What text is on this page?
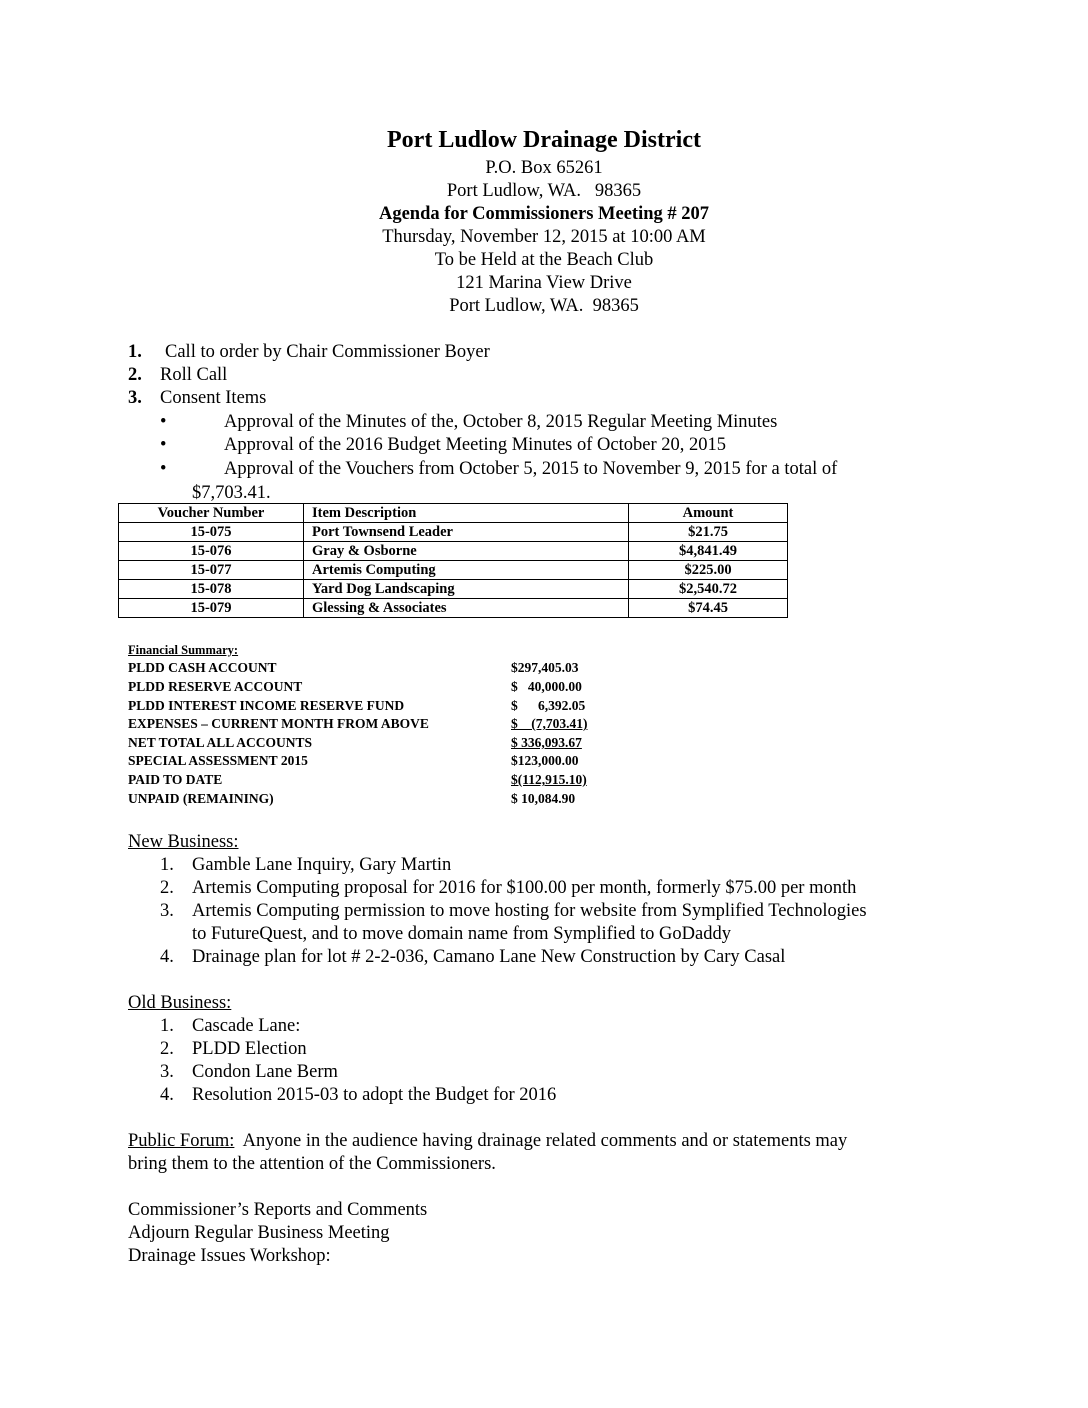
Port Ludlow Drainage District
P.O. Box 65261
Port Ludlow, WA.   98365
Agenda for Commissioners Meeting # 207
Thursday, November 12, 2015 at 10:00 AM
To be Held at the Beach Club
121 Marina View Drive
Port Ludlow, WA.  98365
1. Call to order by Chair Commissioner Boyer
2. Roll Call
3. Consent Items
•	Approval of the Minutes of the, October 8, 2015 Regular Meeting Minutes
•	Approval of the 2016 Budget Meeting Minutes of October 20, 2015
•	Approval of the Vouchers from October 5, 2015 to November 9, 2015 for a total of
$7,703.41.
Voucher Number	Item Description	Amount
15-075	Port Townsend Leader	$21.75
15-076	Gray & Osborne	$4,841.49
15-077	Artemis Computing	$225.00
15-078	Yard Dog Landscaping	$2,540.72
15-079	Glessing & Associates	$74.45
Financial Summary:
PLDD CASH ACCOUNT	$297,405.03
PLDD RESERVE ACCOUNT	$   40,000.00
PLDD INTEREST INCOME RESERVE FUND	$      6,392.05
EXPENSES – CURRENT MONTH FROM ABOVE	$    (7,703.41)
NET TOTAL ALL ACCOUNTS	$ 336,093.67
SPECIAL ASSESSMENT 2015	$123,000.00
PAID TO DATE	$(112,915.10)
UNPAID (REMAINING)	$ 10,084.90
New Business:
1. Gamble Lane Inquiry, Gary Martin
2. Artemis Computing proposal for 2016 for $100.00 per month, formerly $75.00 per month
3. Artemis Computing permission to move hosting for website from Symplified Technologies
to FutureQuest, and to move domain name from Symplified to GoDaddy
4. Drainage plan for lot # 2-2-036, Camano Lane New Construction by Cary Casal
Old Business:
1. Cascade Lane:
2. PLDD Election
3. Condon Lane Berm
4. Resolution 2015-03 to adopt the Budget for 2016
Public Forum:  Anyone in the audience having drainage related comments and or statements may
bring them to the attention of the Commissioners.
Commissioner’s Reports and Comments
Adjourn Regular Business Meeting
Drainage Issues Workshop:
